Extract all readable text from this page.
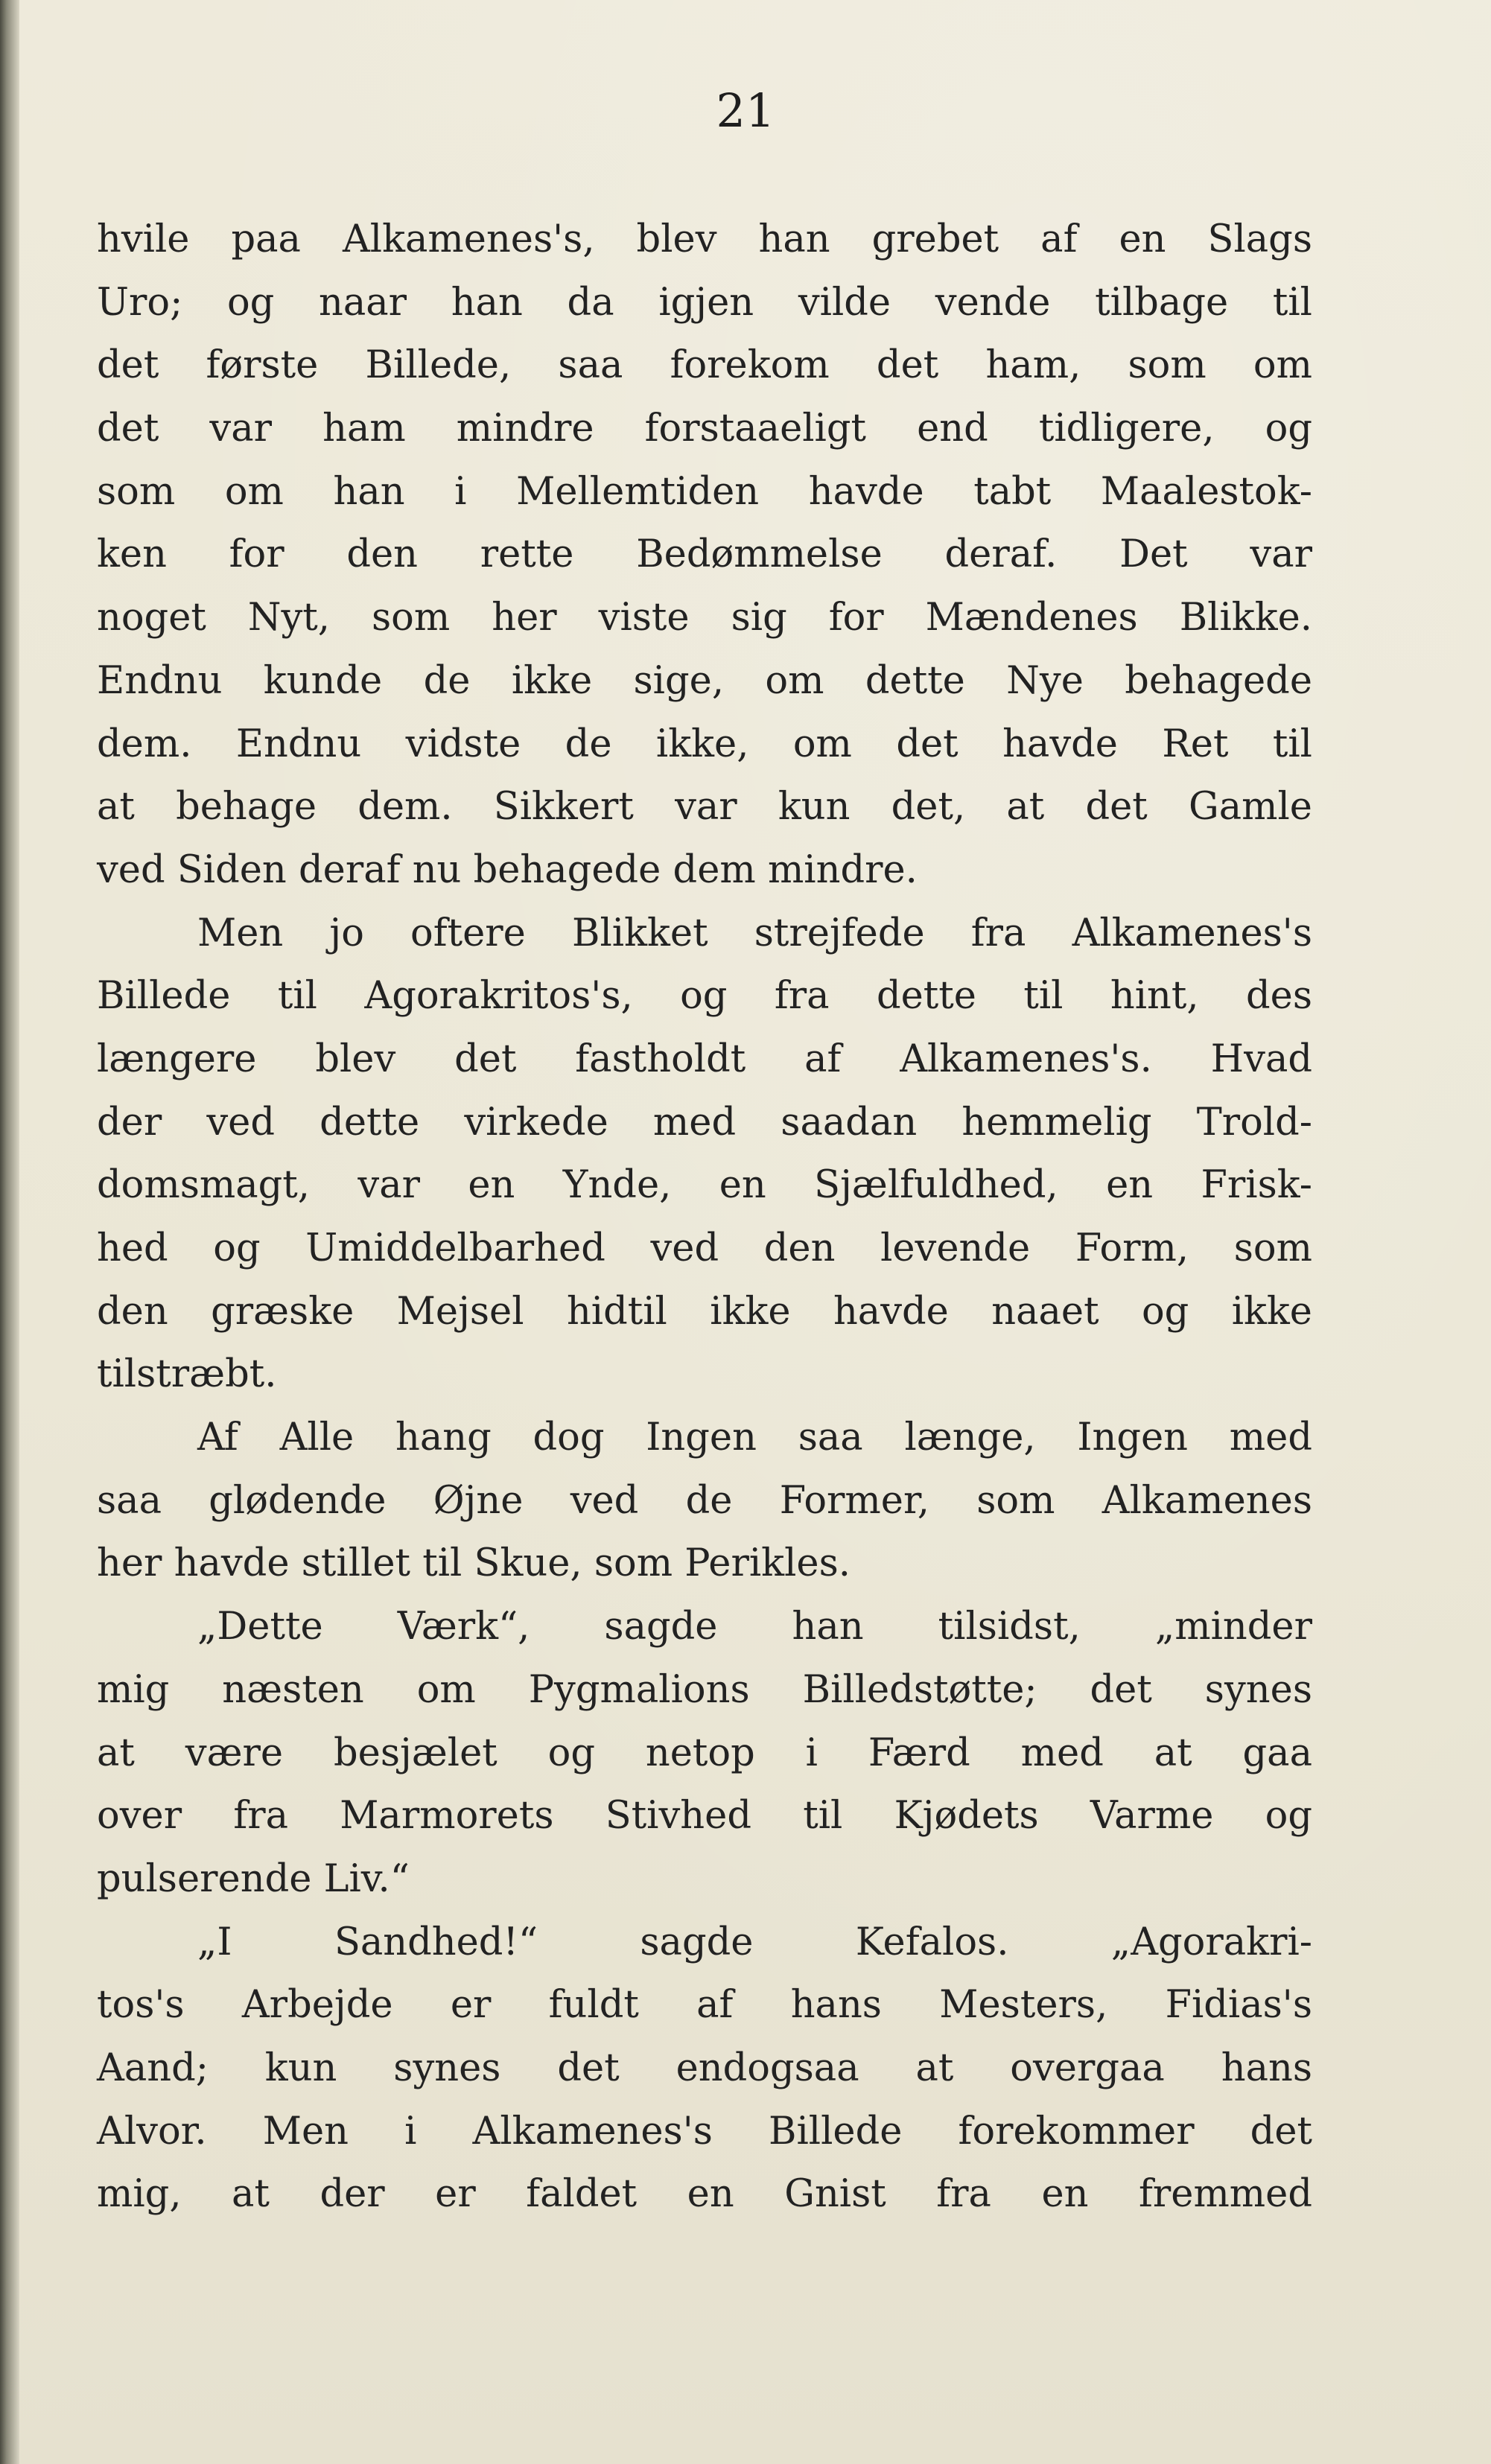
21

hvile paa Alkamenes's, blev han grebet af en Slags
Uro; og naar han da igjen vilde vende tilbage til
det første Billede, saa forekom det ham, som om
det var ham mindre forstaaeligt end tidligere, og
som om han i Mellemtiden havde tabt Maalestok-
ken for den rette Bedømmelse deraf. Det var
noget Nyt, som her viste sig for Mændenes Blikke.
Endnu kunde de ikke sige, om dette Nye behagede
dem. Endnu vidste de ikke, om det havde Ret til
at behage dem. Sikkert var kun det, at det Gamle
ved Siden deraf nu behagede dem mindre.
Men jo oftere Blikket strejfede fra Alkamenes's
Billede til Agorakritos's, og fra dette til hint, des
længere blev det fastholdt af Alkamenes's. Hvad
der ved dette virkede med saadan hemmelig Trold-
domsmagt, var en Ynde, en Sjælfuldhed, en Frisk-
hed og Umiddelbarhed ved den levende Form, som
den græske Mejsel hidtil ikke havde naaet og ikke
tilstræbt.
Af Alle hang dog Ingen saa længe, Ingen med
saa glødende Øjne ved de Former, som Alkamenes
her havde stillet til Skue, som Perikles.
„Dette Værk“, sagde han tilsidst, „minder
mig næsten om Pygmalions Billedstøtte; det synes
at være besjælet og netop i Færd med at gaa
over fra Marmorets Stivhed til Kjødets Varme og
pulserende Liv.“
„I Sandhed!“ sagde Kefalos. „Agorakri-
tos's Arbejde er fuldt af hans Mesters, Fidias's
Aand; kun synes det endogsaa at overgaa hans
Alvor. Men i Alkamenes's Billede forekommer det
mig, at der er faldet en Gnist fra en fremmed
